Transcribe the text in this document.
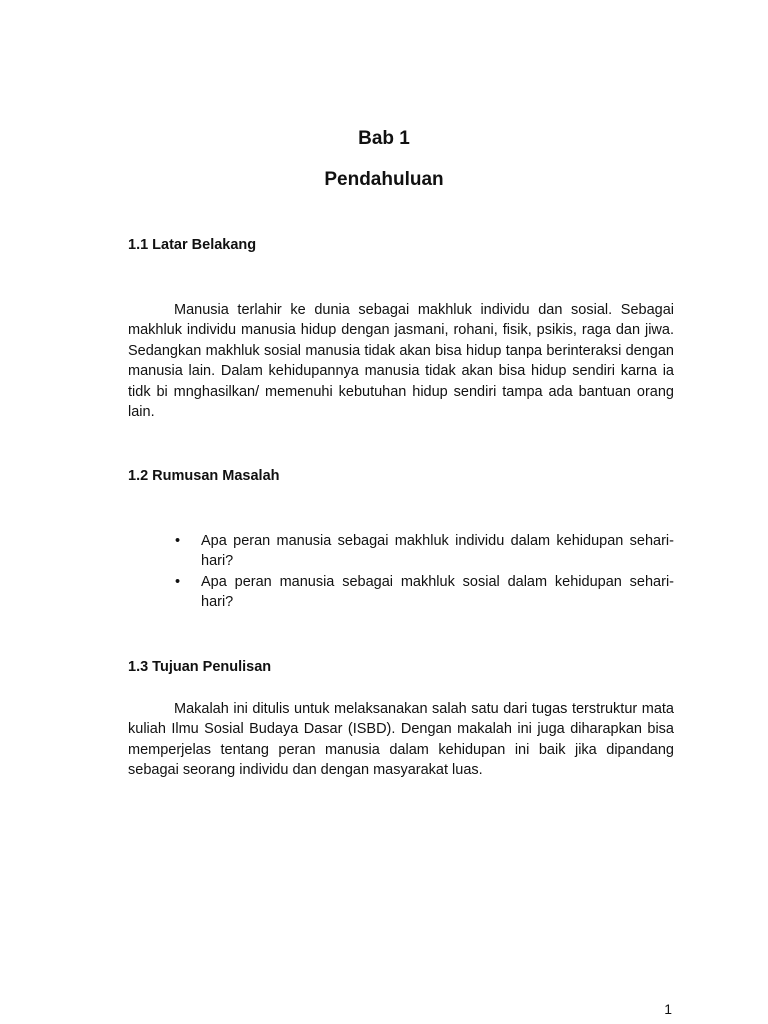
Bab 1
Pendahuluan
1.1 Latar Belakang

Manusia terlahir ke dunia sebagai makhluk individu dan sosial. Sebagai makhluk individu manusia hidup dengan jasmani, rohani, fisik, psikis, raga dan jiwa. Sedangkan makhluk sosial manusia tidak akan bisa hidup tanpa berinteraksi dengan manusia lain. Dalam kehidupannya manusia tidak akan bisa hidup sendiri karna ia tidk bi mnghasilkan/ memenuhi kebutuhan hidup sendiri tampa ada bantuan orang lain.

1.2 Rumusan Masalah
• Apa peran manusia sebagai makhluk individu dalam kehidupan sehari-hari?
• Apa peran manusia sebagai makhluk sosial dalam kehidupan sehari-hari?
1.3 Tujuan Penulisan

Makalah ini ditulis untuk melaksanakan salah satu dari tugas terstruktur mata kuliah Ilmu Sosial Budaya Dasar (ISBD). Dengan makalah ini juga diharapkan bisa memperjelas tentang peran manusia dalam kehidupan ini baik jika dipandang sebagai seorang individu dan dengan masyarakat luas.

1
